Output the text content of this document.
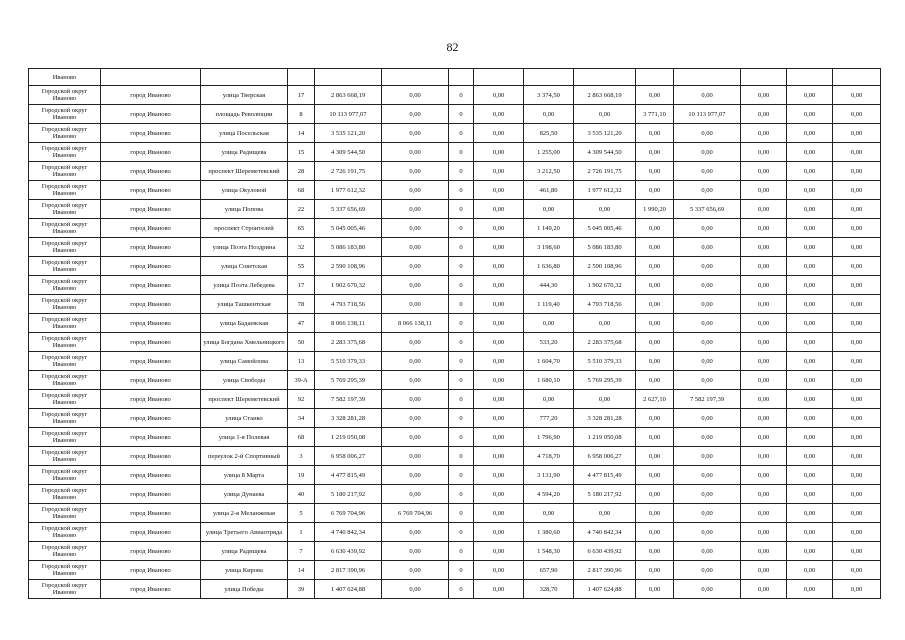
82
Иваново														
Городской округ Иваново	город Иваново	улица Тверская	17	2 863 668,19	0,00	0	0,00	3 374,50	2 863 668,19	0,00	0,00	0,00	0,00	0,00
Городской округ Иваново	город Иваново	площадь Революции	8	10 113 977,07	0,00	0	0,00	0,00	0,00	3 771,10	10 113 977,07	0,00	0,00	0,00
Городской округ Иваново	город Иваново	улица Посельская	14	3 535 121,20	0,00	0	0,00	825,50	3 535 121,20	0,00	0,00	0,00	0,00	0,00
Городской округ Иваново	город Иваново	улица Радищева	15	4 309 544,50	0,00	0	0,00	1 255,00	4 309 544,50	0,00	0,00	0,00	0,00	0,00
Городской округ Иваново	город Иваново	проспект Шереметевский	28	2 726 191,75	0,00	0	0,00	3 212,50	2 726 191,75	0,00	0,00	0,00	0,00	0,00
Городской округ Иваново	город Иваново	улица Окуловой	68	1 977 612,32	0,00	0	0,00	461,80	1 977 612,32	0,00	0,00	0,00	0,00	0,00
Городской округ Иваново	город Иваново	улица Попова	22	5 337 656,69	0,00	0	0,00	0,00	0,00	1 990,20	5 337 656,69	0,00	0,00	0,00
Городской округ Иваново	город Иваново	проспект Строителей	65	5 045 005,46	0,00	0	0,00	1 149,20	5 045 005,46	0,00	0,00	0,00	0,00	0,00
Городской округ Иваново	город Иваново	улица Поэта Ноздрина	32	5 086 183,80	0,00	0	0,00	3 198,60	5 086 183,80	0,00	0,00	0,00	0,00	0,00
Городской округ Иваново	город Иваново	улица Советская	55	2 590 108,96	0,00	0	0,00	1 636,80	2 590 108,96	0,00	0,00	0,00	0,00	0,00
Городской округ Иваново	город Иваново	улица Поэта Лебедева	17	1 902 670,32	0,00	0	0,00	444,30	1 902 670,32	0,00	0,00	0,00	0,00	0,00
Городской округ Иваново	город Иваново	улица Ташкентская	78	4 793 718,56	0,00	0	0,00	1 119,40	4 793 718,56	0,00	0,00	0,00	0,00	0,00
Городской округ Иваново	город Иваново	улица Бадаевская	47	8 066 138,11	8 066 138,11	0	0,00	0,00	0,00	0,00	0,00	0,00	0,00	0,00
Городской округ Иваново	город Иваново	улица Богдана Хмельницкого	50	2 283 375,68	0,00	0	0,00	533,20	2 283 375,68	0,00	0,00	0,00	0,00	0,00
Городской округ Иваново	город Иваново	улица Самойлова	13	5 510 379,33	0,00	0	0,00	1 604,70	5 510 379,33	0,00	0,00	0,00	0,00	0,00
Городской округ Иваново	город Иваново	улица Свободы	39-А	5 769 295,39	0,00	0	0,00	1 680,10	5 769 295,39	0,00	0,00	0,00	0,00	0,00
Городской округ Иваново	город Иваново	проспект Шереметевский	92	7 582 197,39	0,00	0	0,00	0,00	0,00	2 627,10	7 582 197,39	0,00	0,00	0,00
Городской округ Иваново	город Иваново	улица Станко	34	3 328 281,28	0,00	0	0,00	777,20	3 328 281,28	0,00	0,00	0,00	0,00	0,00
Городской округ Иваново	город Иваново	улица 1-я Полевая	68	1 219 050,08	0,00	0	0,00	1 796,90	1 219 050,08	0,00	0,00	0,00	0,00	0,00
Городской округ Иваново	город Иваново	переулок 2-й Спортивный	3	6 958 006,27	0,00	0	0,00	4 718,70	6 958 006,27	0,00	0,00	0,00	0,00	0,00
Городской округ Иваново	город Иваново	улица 8 Марта	19	4 477 815,49	0,00	0	0,00	3 131,90	4 477 815,49	0,00	0,00	0,00	0,00	0,00
Городской округ Иваново	город Иваново	улица Дунаева	40	5 180 217,92	0,00	0	0,00	4 594,20	5 180 217,92	0,00	0,00	0,00	0,00	0,00
Городской округ Иваново	город Иваново	улица 2-я Меланжевая	5	6 769 704,96	6 769 704,96	0	0,00	0,00	0,00	0,00	0,00	0,00	0,00	0,00
Городской округ Иваново	город Иваново	улица Третьего Авиаотряда	1	4 740 842,34	0,00	0	0,00	1 380,60	4 740 842,34	0,00	0,00	0,00	0,00	0,00
Городской округ Иваново	город Иваново	улица Радищева	7	6 630 439,92	0,00	0	0,00	1 548,30	6 630 439,92	0,00	0,00	0,00	0,00	0,00
Городской округ Иваново	город Иваново	улица Кирова	14	2 817 390,96	0,00	0	0,00	657,90	2 817 390,96	0,00	0,00	0,00	0,00	0,00
Городской округ Иваново	город Иваново	улица Победы	39	1 407 624,88	0,00	0	0,00	328,70	1 407 624,88	0,00	0,00	0,00	0,00	0,00
